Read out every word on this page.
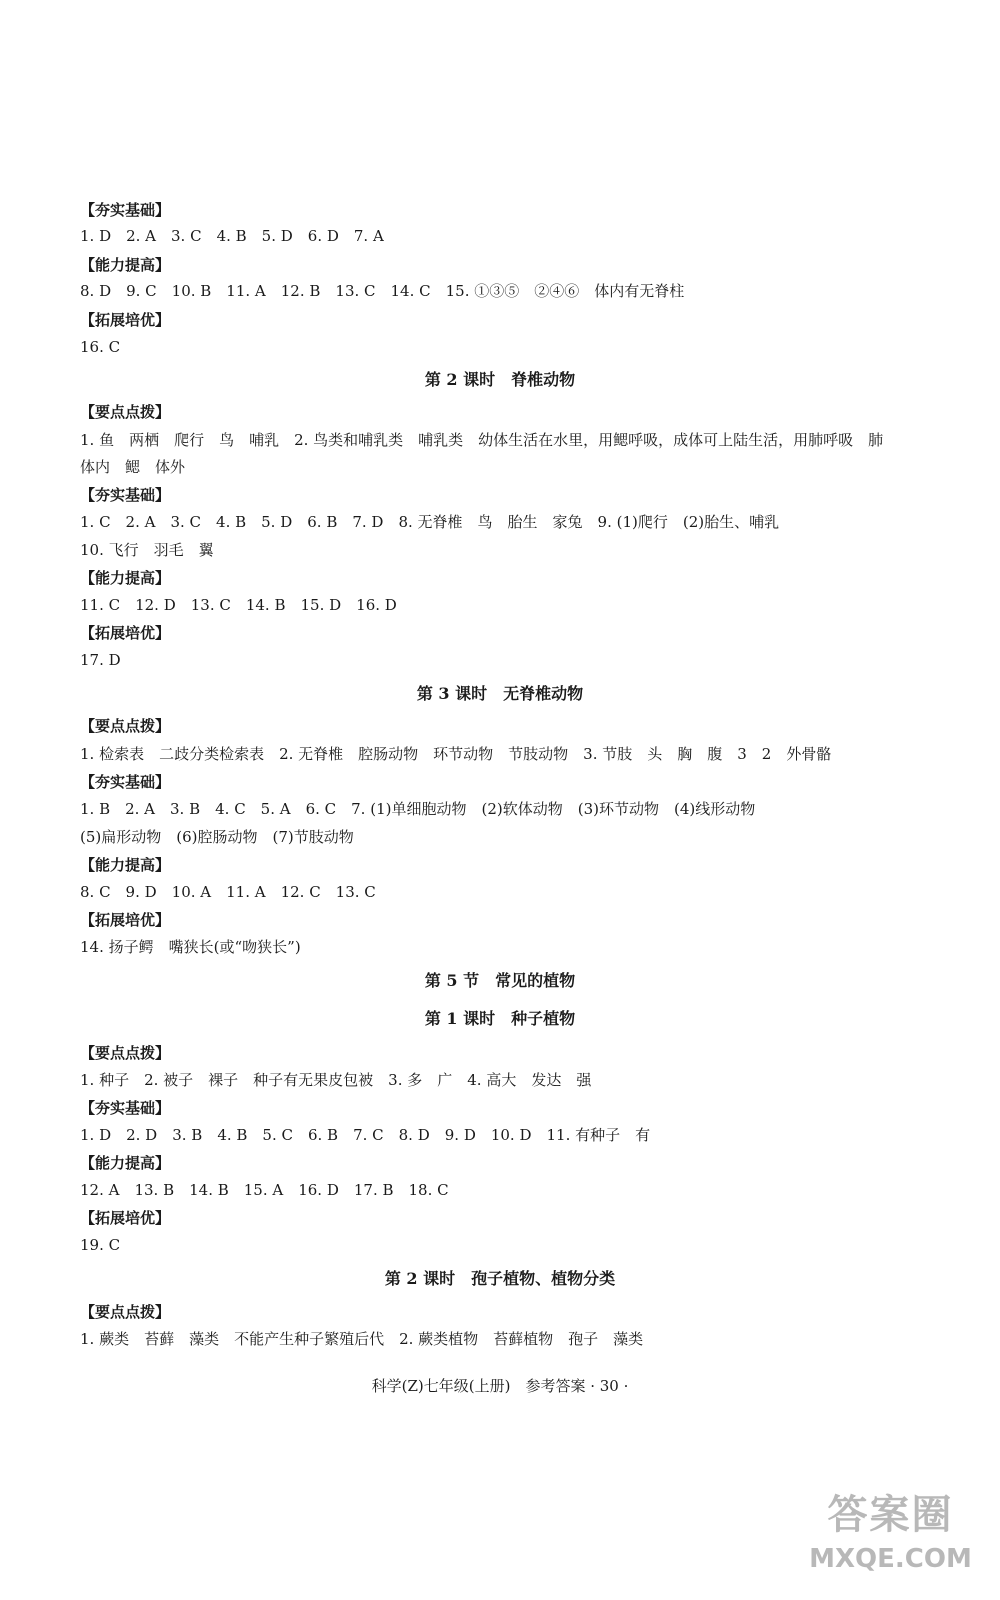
【夯实基础】
1. D　2. A　3. C　4. B　5. D　6. D　7. A
【能力提高】
8. D　9. C　10. B　11. A　12. B　13. C　14. C　15. ①③⑤　②④⑥　体内有无脊柱
【拓展培优】
16. C
第 2 课时　脊椎动物
【要点点拨】
1. 鱼　两栖　爬行　鸟　哺乳　2. 鸟类和哺乳类　哺乳类　幼体生活在水里，用鳃呼吸，成体可上陆生活，用肺呼吸　肺
体内　鳃　体外
【夯实基础】
1. C　2. A　3. C　4. B　5. D　6. B　7. D　8. 无脊椎　鸟　胎生　家兔　9. (1)爬行　(2)胎生、哺乳
10. 飞行　羽毛　翼
【能力提高】
11. C　12. D　13. C　14. B　15. D　16. D
【拓展培优】
17. D
第 3 课时　无脊椎动物
【要点点拨】
1. 检索表　二歧分类检索表　2. 无脊椎　腔肠动物　环节动物　节肢动物　3. 节肢　头　胸　腹　3　2　外骨骼
【夯实基础】
1. B　2. A　3. B　4. C　5. A　6. C　7. (1)单细胞动物　(2)软体动物　(3)环节动物　(4)线形动物
(5)扁形动物　(6)腔肠动物　(7)节肢动物
【能力提高】
8. C　9. D　10. A　11. A　12. C　13. C
【拓展培优】
14. 扬子鳄　嘴狭长(或“吻狭长”)
第 5 节　常见的植物
第 1 课时　种子植物
【要点点拨】
1. 种子　2. 被子　裸子　种子有无果皮包被　3. 多　广　4. 高大　发达　强
【夯实基础】
1. D　2. D　3. B　4. B　5. C　6. B　7. C　8. D　9. D　10. D　11. 有种子　有
【能力提高】
12. A　13. B　14. B　15. A　16. D　17. B　18. C
【拓展培优】
19. C
第 2 课时　孢子植物、植物分类
【要点点拨】
1. 蕨类　苔藓　藻类　不能产生种子繁殖后代　2. 蕨类植物　苔藓植物　孢子　藻类
科学(Z)七年级(上册)　参考答案 · 30 ·
答案圈
MXQE.COM
